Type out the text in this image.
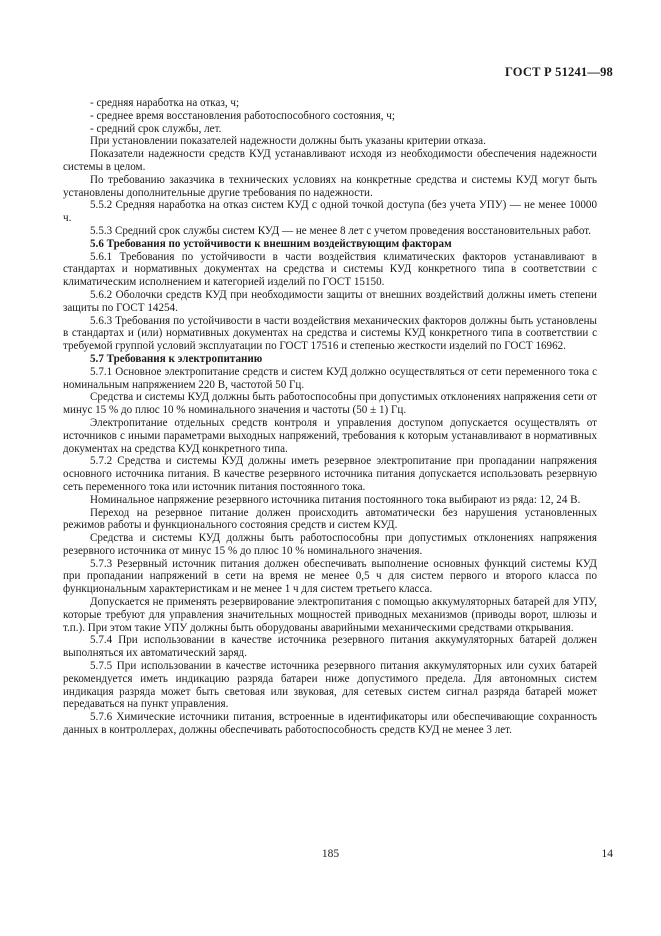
ГОСТ Р 51241—98

- средняя наработка на отказ, ч;

- среднее время восстановления работоспособного состояния, ч;

- средний срок службы, лет.

При установлении показателей надежности должны быть указаны критерии отказа.

Показатели надежности средств КУД устанавливают исходя из необходимости обеспечения надежности системы в целом.

По требованию заказчика в технических условиях на конкретные средства и системы КУД могут быть установлены дополнительные другие требования по надежности.

5.5.2 Средняя наработка на отказ систем КУД с одной точкой доступа (без учета УПУ) — не менее 10000 ч.

5.5.3 Средний срок службы систем КУД — не менее 8 лет с учетом проведения восстановительных работ.

5.6 Требования по устойчивости к внешним воздействующим факторам

5.6.1 Требования по устойчивости в части воздействия климатических факторов устанавливают в стандартах и нормативных документах на средства и системы КУД конкретного типа в соответствии с климатическим исполнением и категорией изделий по ГОСТ 15150.

5.6.2 Оболочки средств КУД при необходимости защиты от внешних воздействий должны иметь степени защиты по ГОСТ 14254.

5.6.3 Требования по устойчивости в части воздействия механических факторов должны быть установлены в стандартах и (или) нормативных документах на средства и системы КУД конкретного типа в соответствии с требуемой группой условий эксплуатации по ГОСТ 17516 и степенью жесткости изделий по ГОСТ 16962.

5.7 Требования к электропитанию

5.7.1 Основное электропитание средств и систем КУД должно осуществляться от сети переменного тока с номинальным напряжением 220 В, частотой 50 Гц.

Средства и системы КУД должны быть работоспособны при допустимых отклонениях напряжения сети от минус 15 % до плюс 10 % номинального значения и частоты (50 ± 1) Гц.

Электропитание отдельных средств контроля и управления доступом допускается осуществлять от источников с иными параметрами выходных напряжений, требования к которым устанавливают в нормативных документах на средства КУД конкретного типа.

5.7.2 Средства и системы КУД должны иметь резервное электропитание при пропадании напряжения основного источника питания. В качестве резервного источника питания допускается использовать резервную сеть переменного тока или источник питания постоянного тока.

Номинальное напряжение резервного источника питания постоянного тока выбирают из ряда: 12, 24 В.

Переход на резервное питание должен происходить автоматически без нарушения установленных режимов работы и функционального состояния средств и систем КУД.

Средства и системы КУД должны быть работоспособны при допустимых отклонениях напряжения резервного источника от минус 15 % до плюс 10 % номинального значения.

5.7.3 Резервный источник питания должен обеспечивать выполнение основных функций системы КУД при пропадании напряжений в сети на время не менее 0,5 ч для систем первого и второго класса по функциональным характеристикам и не менее 1 ч для систем третьего класса.

Допускается не применять резервирование электропитания с помощью аккумуляторных батарей для УПУ, которые требуют для управления значительных мощностей приводных механизмов (приводы ворот, шлюзы и т.п.). При этом такие УПУ должны быть оборудованы аварийными механическими средствами открывания.

5.7.4 При использовании в качестве источника резервного питания аккумуляторных батарей должен выполняться их автоматический заряд.

5.7.5 При использовании в качестве источника резервного питания аккумуляторных или сухих батарей рекомендуется иметь индикацию разряда батареи ниже допустимого предела. Для автономных систем индикация разряда может быть световая или звуковая, для сетевых систем сигнал разряда батарей может передаваться на пункт управления.

5.7.6 Химические источники питания, встроенные в идентификаторы или обеспечивающие сохранность данных в контроллерах, должны обеспечивать работоспособность средств КУД не менее 3 лет.

185	14
